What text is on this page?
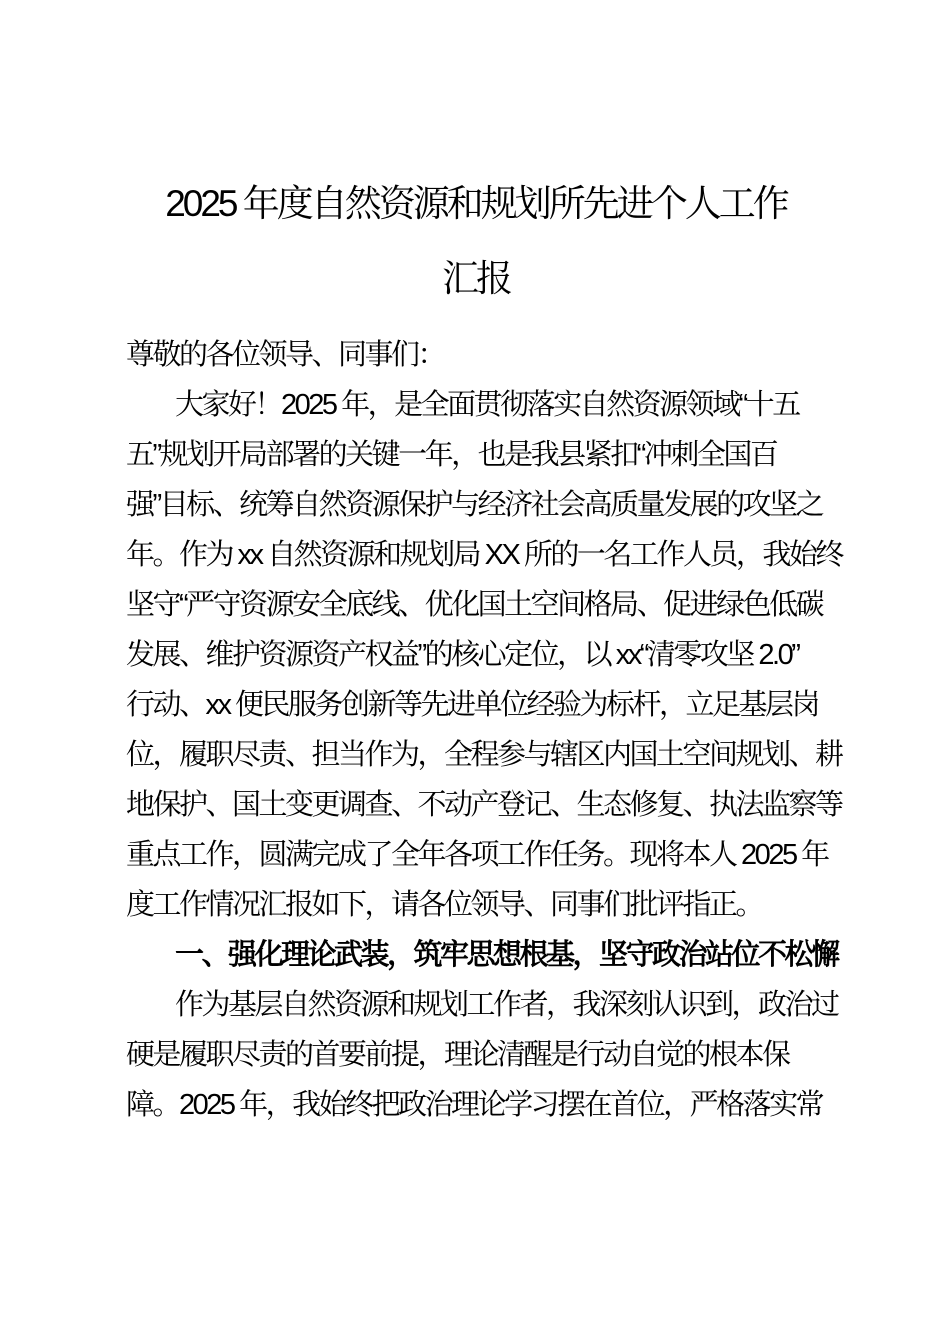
2025 年度自然资源和规划所先进个人工作
汇报
尊敬的各位领导、同事们：
大家好！2025 年，是全面贯彻落实自然资源领域“十五
五”规划开局部署的关键一年，也是我县紧扣“冲刺全国百
强”目标、统筹自然资源保护与经济社会高质量发展的攻坚之
年。作为 xx 自然资源和规划局 XX 所的一名工作人员，我始终
坚守“严守资源安全底线、优化国土空间格局、促进绿色低碳
发展、维护资源资产权益”的核心定位，以 xx“清零攻坚 2.0”
行动、xx 便民服务创新等先进单位经验为标杆，立足基层岗
位，履职尽责、担当作为，全程参与辖区内国土空间规划、耕
地保护、国土变更调查、不动产登记、生态修复、执法监察等
重点工作，圆满完成了全年各项工作任务。现将本人 2025 年
度工作情况汇报如下，请各位领导、同事们批评指正。
一、强化理论武装，筑牢思想根基，坚守政治站位不松懈
作为基层自然资源和规划工作者，我深刻认识到，政治过
硬是履职尽责的首要前提，理论清醒是行动自觉的根本保
障。2025 年，我始终把政治理论学习摆在首位，严格落实常
